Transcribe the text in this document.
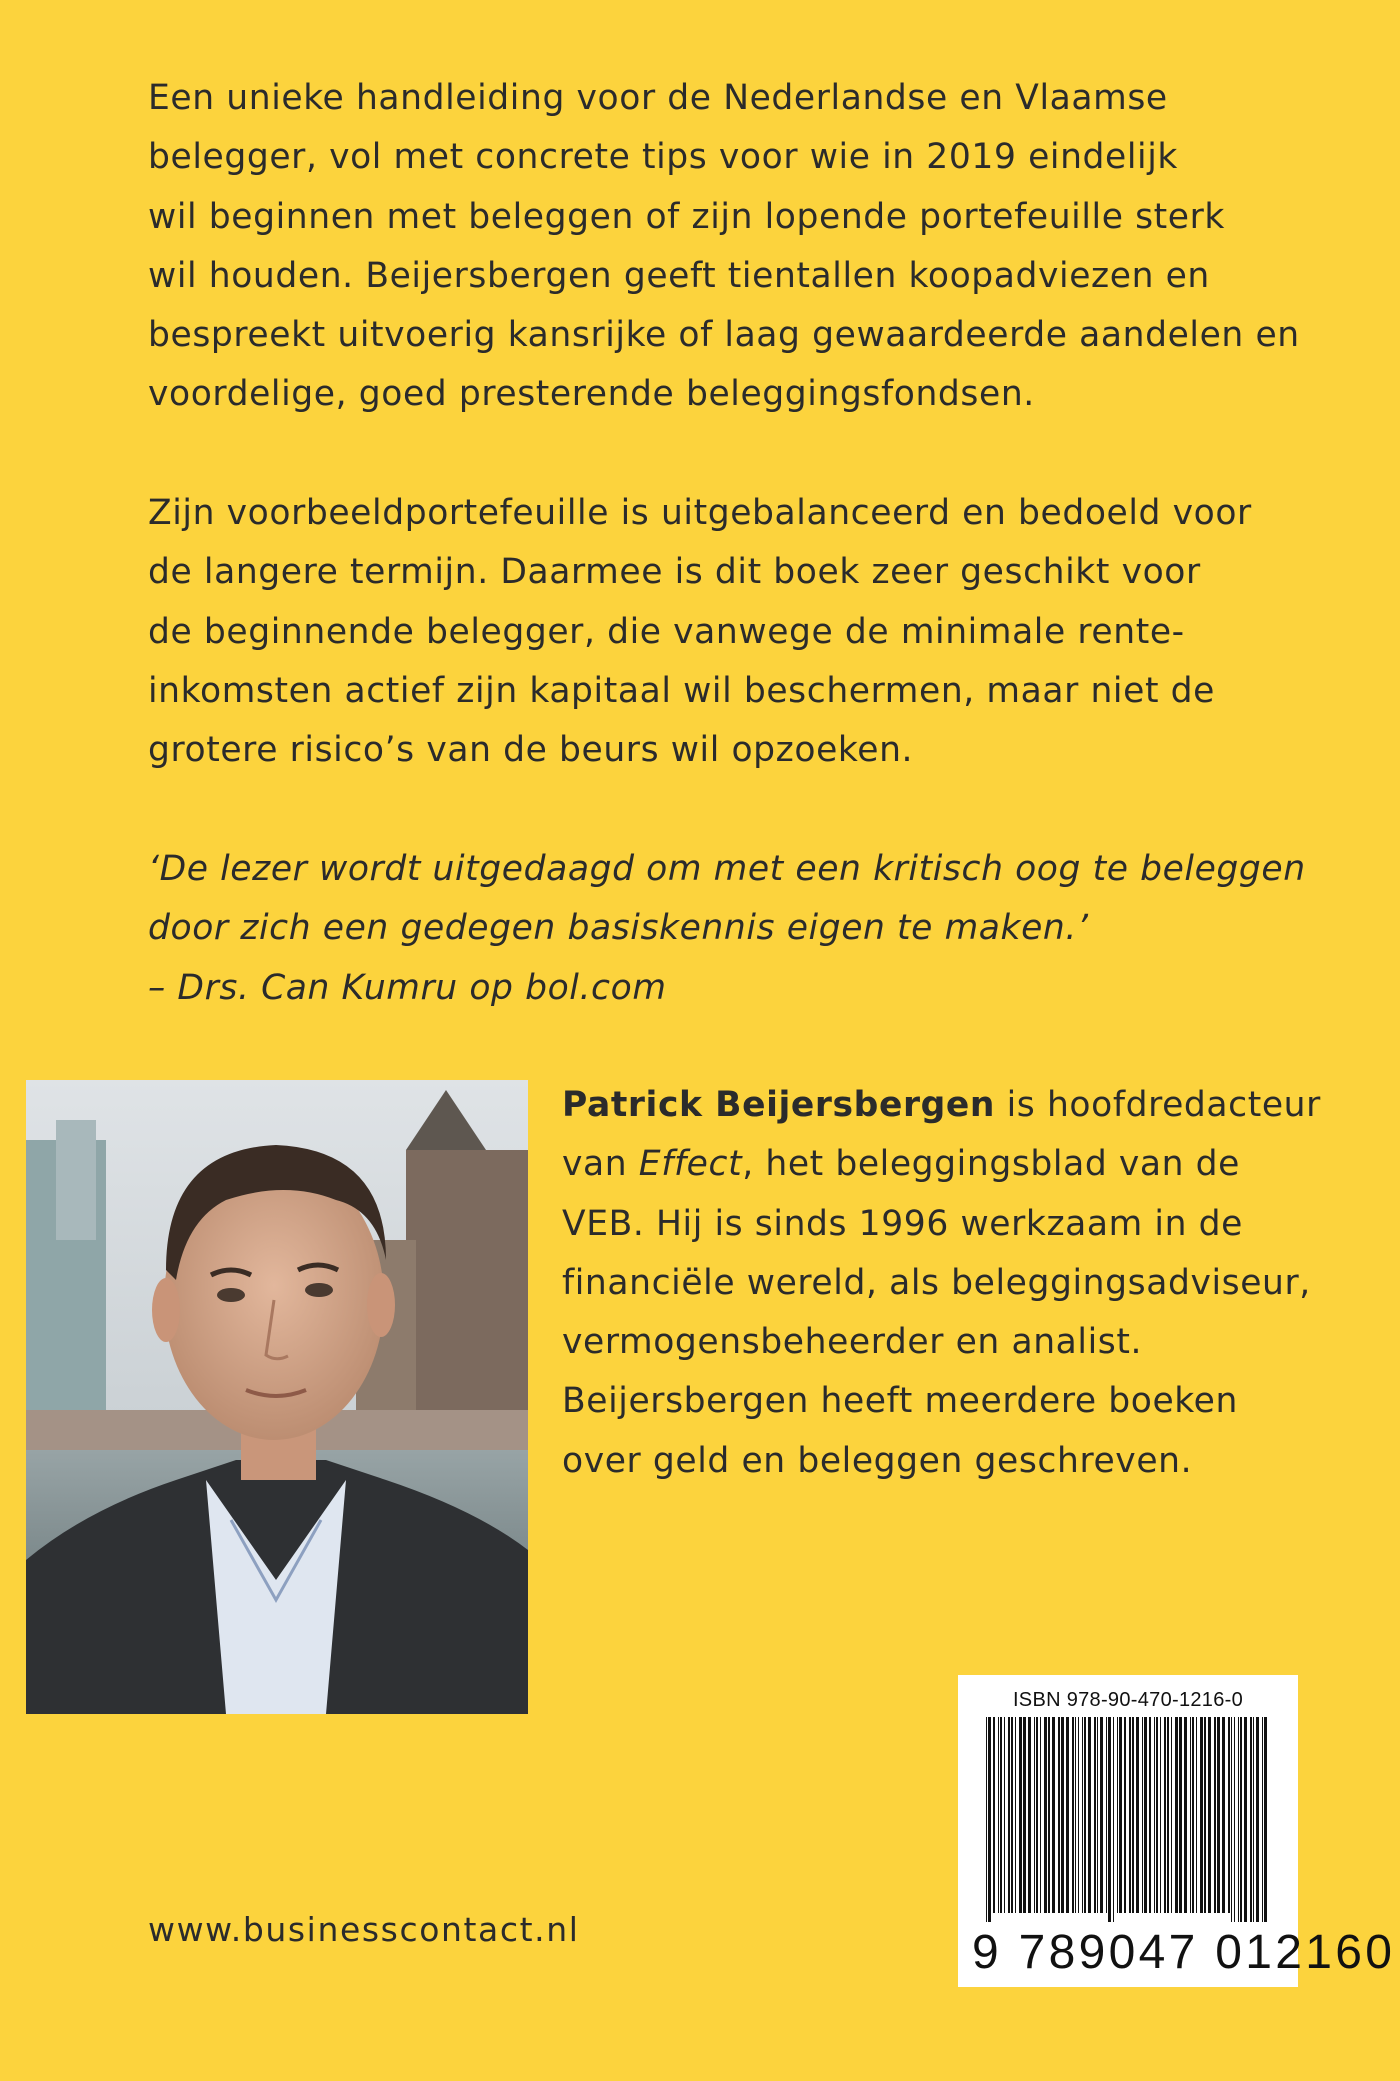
Een unieke handleiding voor de Nederlandse en Vlaamse
belegger, vol met concrete tips voor wie in 2019 eindelijk
wil beginnen met beleggen of zijn lopende portefeuille sterk
wil houden. Beijersbergen geeft tientallen koopadviezen en
bespreekt uitvoerig kansrijke of laag gewaardeerde aandelen en
voordelige, goed presterende beleggingsfondsen.
Zijn voorbeeldportefeuille is uitgebalanceerd en bedoeld voor
de langere termijn. Daarmee is dit boek zeer geschikt voor
de beginnende belegger, die vanwege de minimale rente-
inkomsten actief zijn kapitaal wil beschermen, maar niet de
grotere risico’s van de beurs wil opzoeken.
‘De lezer wordt uitgedaagd om met een kritisch oog te beleggen
door zich een gedegen basiskennis eigen te maken.’
– Drs. Can Kumru op bol.com
Patrick Beijersbergen is hoofdredacteur
van Effect, het beleggingsblad van de
VEB. Hij is sinds 1996 werkzaam in de
financiële wereld, als beleggingsadviseur,
vermogensbeheerder en analist.
Beijersbergen heeft meerdere boeken
over geld en beleggen geschreven.
www.businesscontact.nl
ISBN 978-90-470-1216-0
9 789047 012160
